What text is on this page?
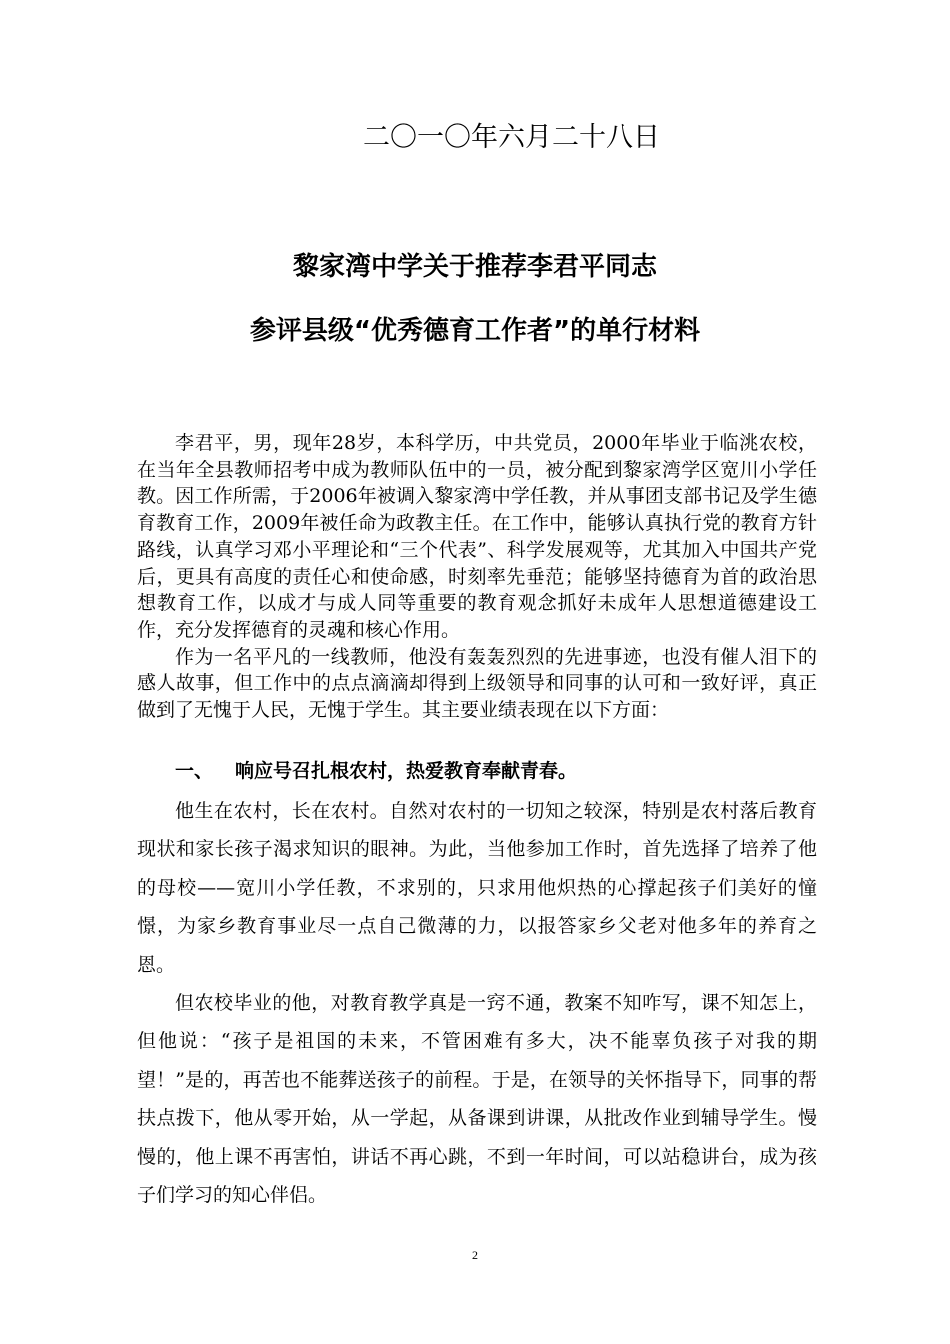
二〇一〇年六月二十八日
黎家湾中学关于推荐李君平同志
参评县级“优秀德育工作者”的单行材料

李君平，男，现年28岁，本科学历，中共党员，2000年毕业于临洮农校，在当年全县教师招考中成为教师队伍中的一员，被分配到黎家湾学区宽川小学任教。因工作所需，于2006年被调入黎家湾中学任教，并从事团支部书记及学生德育教育工作，2009年被任命为政教主任。在工作中，能够认真执行党的教育方针路线，认真学习邓小平理论和“三个代表”、科学发展观等，尤其加入中国共产党后，更具有高度的责任心和使命感，时刻率先垂范；能够坚持德育为首的政治思想教育工作，以成才与成人同等重要的教育观念抓好未成年人思想道德建设工作，充分发挥德育的灵魂和核心作用。

作为一名平凡的一线教师，他没有轰轰烈烈的先进事迹，也没有催人泪下的感人故事，但工作中的点点滴滴却得到上级领导和同事的认可和一致好评，真正做到了无愧于人民，无愧于学生。其主要业绩表现在以下方面：

一、 响应号召扎根农村，热爱教育奉献青春。

他生在农村，长在农村。自然对农村的一切知之较深，特别是农村落后教育现状和家长孩子渴求知识的眼神。为此，当他参加工作时，首先选择了培养了他的母校——宽川小学任教，不求别的，只求用他炽热的心撑起孩子们美好的憧憬，为家乡教育事业尽一点自己微薄的力，以报答家乡父老对他多年的养育之恩。

但农校毕业的他，对教育教学真是一窍不通，教案不知咋写，课不知怎上，但他说：“孩子是祖国的未来，不管困难有多大，决不能辜负孩子对我的期望！”是的，再苦也不能葬送孩子的前程。于是，在领导的关怀指导下，同事的帮扶点拨下，他从零开始，从一学起，从备课到讲课，从批改作业到辅导学生。慢慢的，他上课不再害怕，讲话不再心跳，不到一年时间，可以站稳讲台，成为孩子们学习的知心伴侣。

2
